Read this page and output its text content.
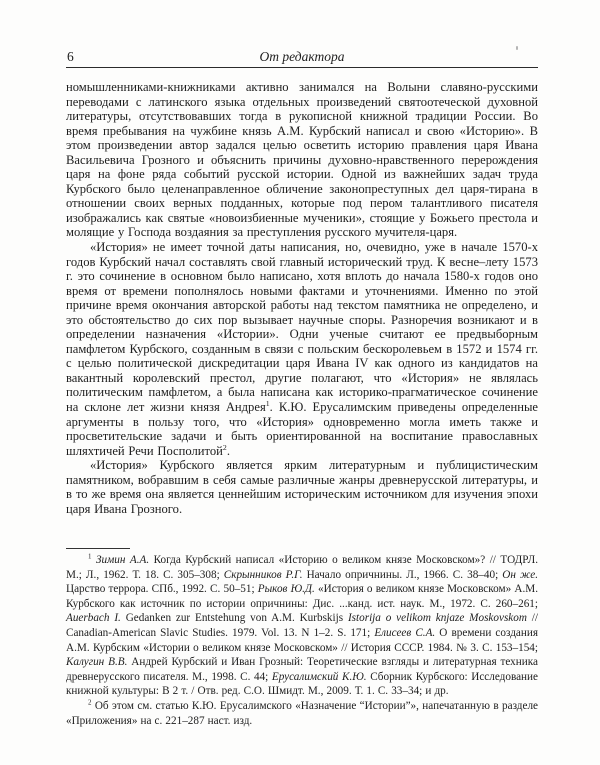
6	От редактора

номышленниками-книжниками активно занимался на Волыни славяно-русскими переводами с латинского языка отдельных произведений святоотеческой духовной литературы, отсутствовавших тогда в рукописной книжной традиции России. Во время пребывания на чужбине князь А.М. Курбский написал и свою «Историю». В этом произведении автор задался целью осветить историю правления царя Ивана Васильевича Грозного и объяснить причины духовно-нравственного перерождения царя на фоне ряда событий русской истории. Одной из важнейших задач труда Курбского было целенаправленное обличение законопреступных дел царя-тирана в отношении своих верных подданных, которые под пером талантливого писателя изображались как святые «новоизбиенные мученики», стоящие у Божьего престола и молящие у Господа воздаяния за преступления русского мучителя-царя.

«История» не имеет точной даты написания, но, очевидно, уже в начале 1570-х годов Курбский начал составлять свой главный исторический труд. К весне–лету 1573 г. это сочинение в основном было написано, хотя вплоть до начала 1580-х годов оно время от времени пополнялось новыми фактами и уточнениями. Именно по этой причине время окончания авторской работы над текстом памятника не определено, и это обстоятельство до сих пор вызывает научные споры. Разноречия возникают и в определении назначения «Истории». Одни ученые считают ее предвыборным памфлетом Курбского, созданным в связи с польским бескоролевьем в 1572 и 1574 гг. с целью политической дискредитации царя Ивана IV как одного из кандидатов на вакантный королевский престол, другие полагают, что «История» не являлась политическим памфлетом, а была написана как историко-прагматическое сочинение на склоне лет жизни князя Андрея$^1$. К.Ю. Ерусалимским приведены определенные аргументы в пользу того, что «История» одновременно могла иметь также и просветительские задачи и быть ориентированной на воспитание православных шляхтичей Речи Посполитой$^2$.

«История» Курбского является ярким литературным и публицистическим памятником, вобравшим в себя самые различные жанры древнерусской литературы, и в то же время она является ценнейшим историческим источником для изучения эпохи царя Ивана Грозного.

$^1$ Зимин А.А. Когда Курбский написал «Историю о великом князе Московском»? // ТОДРЛ. М.; Л., 1962. Т. 18. С. 305–308; Скрынников Р.Г. Начало опричнины. Л., 1966. С. 38–40; Он же. Царство террора. СПб., 1992. С. 50–51; Рыков Ю.Д. «История о великом князе Московском» А.М. Курбского как источник по истории опричнины: Дис. ...канд. ист. наук. М., 1972. С. 260–261; Auerbach I. Gedanken zur Entstehung von A.M. Kurbskijs Istorija o velikom knjaze Moskovskom // Canadian-American Slavic Studies. 1979. Vol. 13. N 1–2. S. 171; Елисеев С.А. О времени создания А.М. Курбским «Истории о великом князе Московском» // История СССР. 1984. № 3. С. 153–154; Калугин В.В. Андрей Курбский и Иван Грозный: Теоретические взгляды и литературная техника древнерусского писателя. М., 1998. С. 44; Ерусалимский К.Ю. Сборник Курбского: Исследование книжной культуры: В 2 т. / Отв. ред. С.О. Шмидт. М., 2009. Т. 1. С. 33–34; и др.

$^2$ Об этом см. статью К.Ю. Ерусалимского «Назначение “Истории”», напечатанную в разделе «Приложения» на с. 221–287 наст. изд.
